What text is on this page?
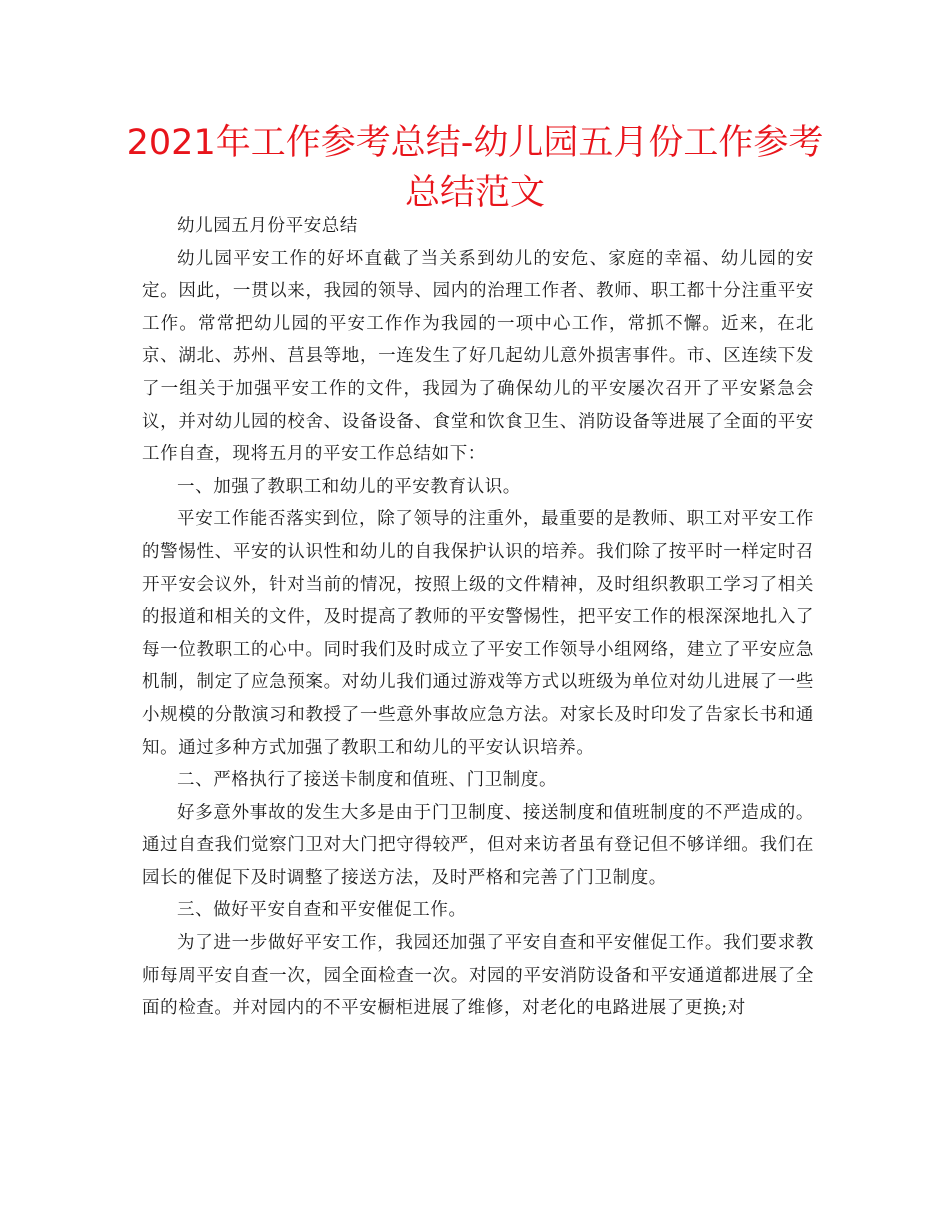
2021年工作参考总结-幼儿园五月份工作参考总结范文

幼儿园五月份平安总结

幼儿园平安工作的好坏直截了当关系到幼儿的安危、家庭的幸福、幼儿园的安定。因此，一贯以来，我园的领导、园内的治理工作者、教师、职工都十分注重平安工作。常常把幼儿园的平安工作作为我园的一项中心工作，常抓不懈。近来，在北京、湖北、苏州、莒县等地，一连发生了好几起幼儿意外损害事件。市、区连续下发了一组关于加强平安工作的文件，我园为了确保幼儿的平安屡次召开了平安紧急会议，并对幼儿园的校舍、设备设备、食堂和饮食卫生、消防设备等进展了全面的平安工作自查，现将五月的平安工作总结如下：

一、加强了教职工和幼儿的平安教育认识。

平安工作能否落实到位，除了领导的注重外，最重要的是教师、职工对平安工作的警惕性、平安的认识性和幼儿的自我保护认识的培养。我们除了按平时一样定时召开平安会议外，针对当前的情况，按照上级的文件精神，及时组织教职工学习了相关的报道和相关的文件，及时提高了教师的平安警惕性，把平安工作的根深深地扎入了每一位教职工的心中。同时我们及时成立了平安工作领导小组网络，建立了平安应急机制，制定了应急预案。对幼儿我们通过游戏等方式以班级为单位对幼儿进展了一些小规模的分散演习和教授了一些意外事故应急方法。对家长及时印发了告家长书和通知。通过多种方式加强了教职工和幼儿的平安认识培养。

二、严格执行了接送卡制度和值班、门卫制度。

好多意外事故的发生大多是由于门卫制度、接送制度和值班制度的不严造成的。通过自查我们觉察门卫对大门把守得较严，但对来访者虽有登记但不够详细。我们在园长的催促下及时调整了接送方法，及时严格和完善了门卫制度。

三、做好平安自查和平安催促工作。

为了进一步做好平安工作，我园还加强了平安自查和平安催促工作。我们要求教师每周平安自查一次，园全面检查一次。对园的平安消防设备和平安通道都进展了全面的检查。并对园内的不平安橱柜进展了维修，对老化的电路进展了更换;对
